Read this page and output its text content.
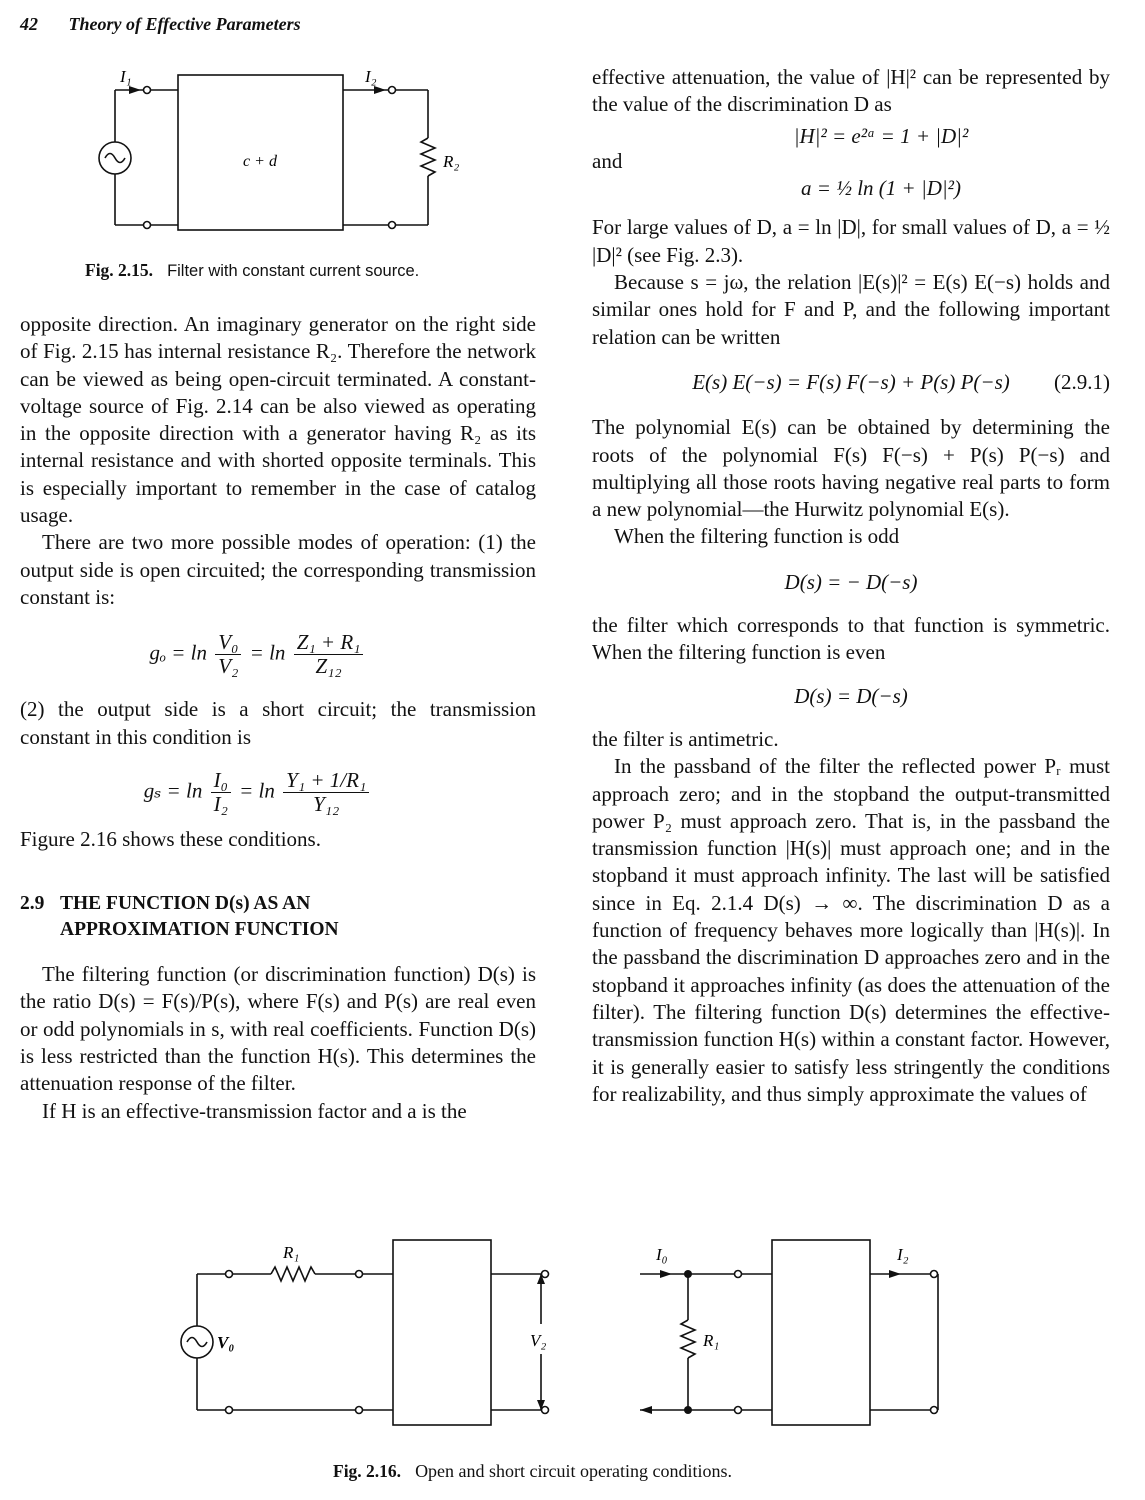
42 Theory of Effective Parameters
I₁	I₂
c + d	R₂
Fig. 2.15. Filter with constant current source.

opposite direction. An imaginary generator on the right side of Fig. 2.15 has internal resistance R₂. Therefore the network can be viewed as being open-circuit terminated. A constant-voltage source of Fig. 2.14 can be also viewed as operating in the opposite direction with a generator having R₂ as its internal resistance and with shorted opposite terminals. This is especially important to remember in the case of catalog usage.

There are two more possible modes of operation: (1) the output side is open circuited; the corresponding transmission constant is:

$g_o = \ln \frac{\text{V₀}}{\text{V₂}} = \ln \frac{\text{Z₁ + R₁}}{\text{Z₁₂}}$

(2) the output side is a short circuit; the transmission constant in this condition is

$g_s = \ln \frac{\text{I₀}}{\text{I₂}} = \ln \frac{\text{Y₁ + 1/R₁}}{\text{Y₁₂}}$

Figure 2.16 shows these conditions.

2.9 THE FUNCTION D(s) AS AN
APPROXIMATION FUNCTION

The filtering function (or discrimination function) D(s) is the ratio D(s) = F(s)/P(s), where F(s) and P(s) are real even or odd polynomials in s, with real coefficients. Function D(s) is less restricted than the function H(s). This determines the attenuation response of the filter.

If H is an effective-transmission factor and a is the

effective attenuation, the value of |H|² can be represented by the value of the discrimination D as

|H|² = e²ᵃ = 1 + |D|²

and

a = ½ ln (1 + |D|²)

For large values of D, a = ln |D|, for small values of D, a = ½ |D|² (see Fig. 2.3).

Because s = jω, the relation |E(s)|² = E(s) E(−s) holds and similar ones hold for F and P, and the following important relation can be written

E(s) E(−s) = F(s) F(−s) + P(s) P(−s) (2.9.1)

The polynomial E(s) can be obtained by determining the roots of the polynomial F(s) F(−s) + P(s) P(−s) and multiplying all those roots having negative real parts to form a new polynomial—the Hurwitz polynomial E(s).

When the filtering function is odd

D(s) = − D(−s)

the filter which corresponds to that function is symmetric. When the filtering function is even

D(s) = D(−s)

the filter is antimetric.

In the passband of the filter the reflected power Pᵣ must approach zero; and in the stopband the output-transmitted power P₂ must approach zero. That is, in the passband the transmission function |H(s)| must approach one; and in the stopband it must approach infinity. The last will be satisfied since in Eq. 2.1.4 D(s) → ∞. The discrimination D as a function of frequency behaves more logically than |H(s)|. In the passband the discrimination D approaches zero and in the stopband it approaches infinity (as does the attenuation of the filter). The filtering function D(s) determines the effective-transmission function H(s) within a constant factor. However, it is generally easier to satisfy less stringently the conditions for realizability, and thus simply approximate the values of

R₁
V₀	V₂
I₀	I₂
R₁
Fig. 2.16. Open and short circuit operating conditions.
